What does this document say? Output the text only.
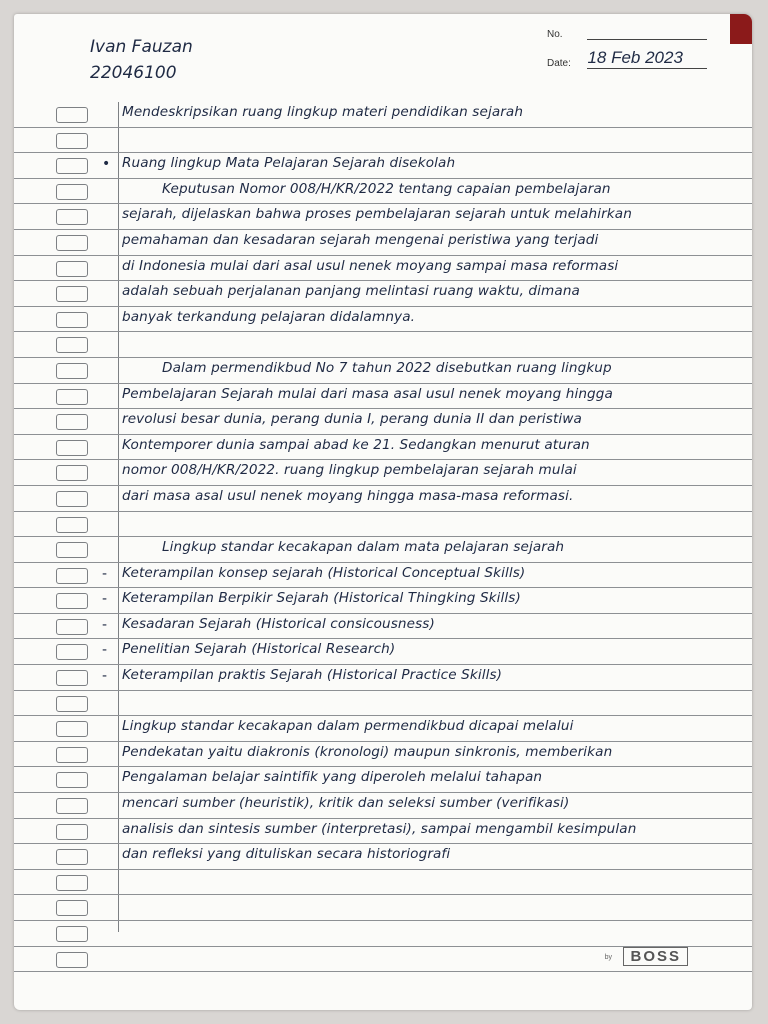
Ivan Fauzan
22046100
No.
Date: 18 Feb 2023
Mendeskripsikan ruang lingkup materi pendidikan sejarah
• Ruang lingkup Mata Pelajaran Sejarah disekolah
Keputusan Nomor 008/H/KR/2022 tentang capaian pembelajaran
sejarah, dijelaskan bahwa proses pembelajaran sejarah untuk melahirkan
pemahaman dan kesadaran sejarah mengenai peristiwa yang terjadi
di Indonesia mulai dari asal usul nenek moyang sampai masa reformasi
adalah sebuah perjalanan panjang melintasi ruang waktu, dimana
banyak terkandung pelajaran didalamnya.
Dalam permendikbud No 7 tahun 2022 disebutkan ruang lingkup
Pembelajaran Sejarah mulai dari masa asal usul nenek moyang hingga
revolusi besar dunia, perang dunia I, perang dunia II dan peristiwa
Kontemporer dunia sampai abad ke 21. Sedangkan menurut aturan
nomor 008/H/KR/2022. ruang lingkup pembelajaran sejarah mulai
dari masa asal usul nenek moyang hingga masa-masa reformasi.
Lingkup standar kecakapan dalam mata pelajaran sejarah
- Keterampilan konsep sejarah (Historical Conceptual Skills)
- Keterampilan Berpikir Sejarah (Historical Thingking Skills)
- Kesadaran Sejarah (Historical consicousness)
- Penelitian Sejarah (Historical Research)
- Keterampilan praktis Sejarah (Historical Practice Skills)
Lingkup standar kecakapan dalam permendikbud dicapai melalui
Pendekatan yaitu diakronis (kronologi) maupun sinkronis, memberikan
Pengalaman belajar saintifik yang diperoleh melalui tahapan
mencari sumber (heuristik), kritik dan seleksi sumber (verifikasi)
analisis dan sintesis sumber (interpretasi), sampai mengambil kesimpulan
dan refleksi yang dituliskan secara historiografi
by	BOSS
